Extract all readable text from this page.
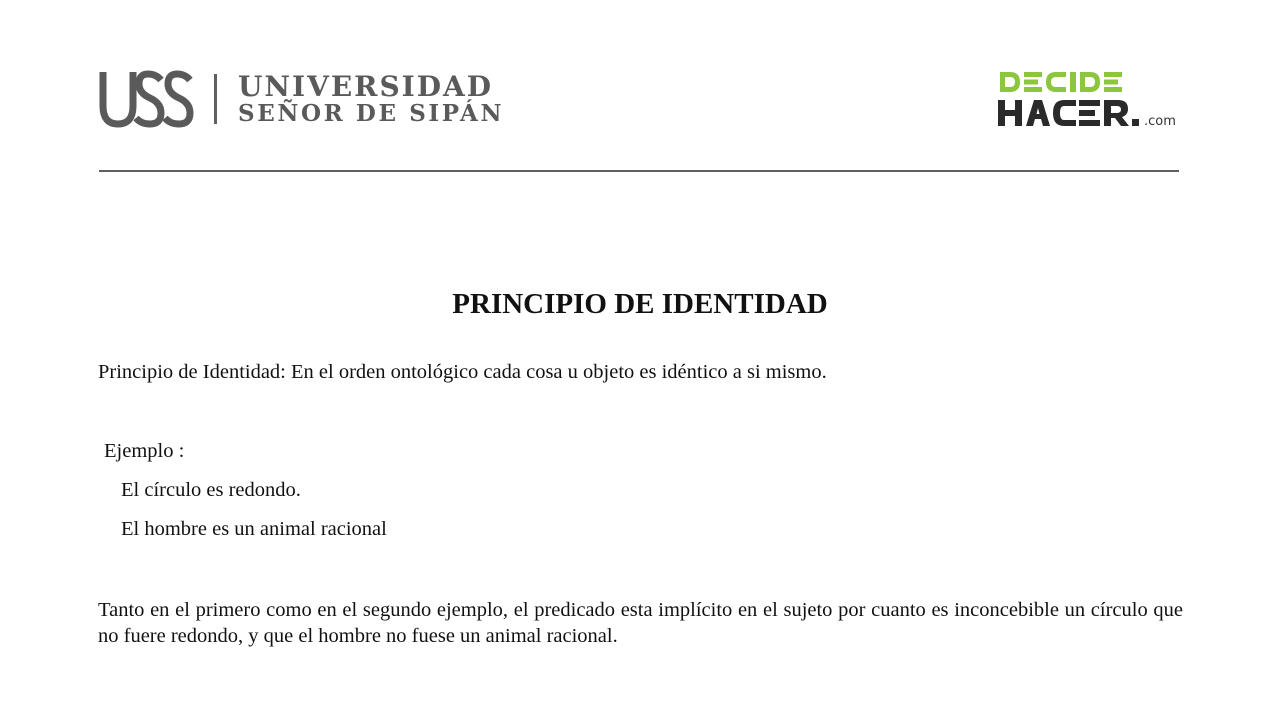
UNIVERSIDAD
SEÑOR DE SIPÁN	.com
PRINCIPIO DE IDENTIDAD
Principio de Identidad: En el orden ontológico cada cosa u objeto es idéntico a si mismo.
Ejemplo :
El círculo es redondo.
El hombre es un animal racional
Tanto en el primero como en el segundo ejemplo, el predicado esta implícito en el sujeto por cuanto es inconcebible un círculo que no fuere redondo, y que el hombre no fuese un animal racional.
